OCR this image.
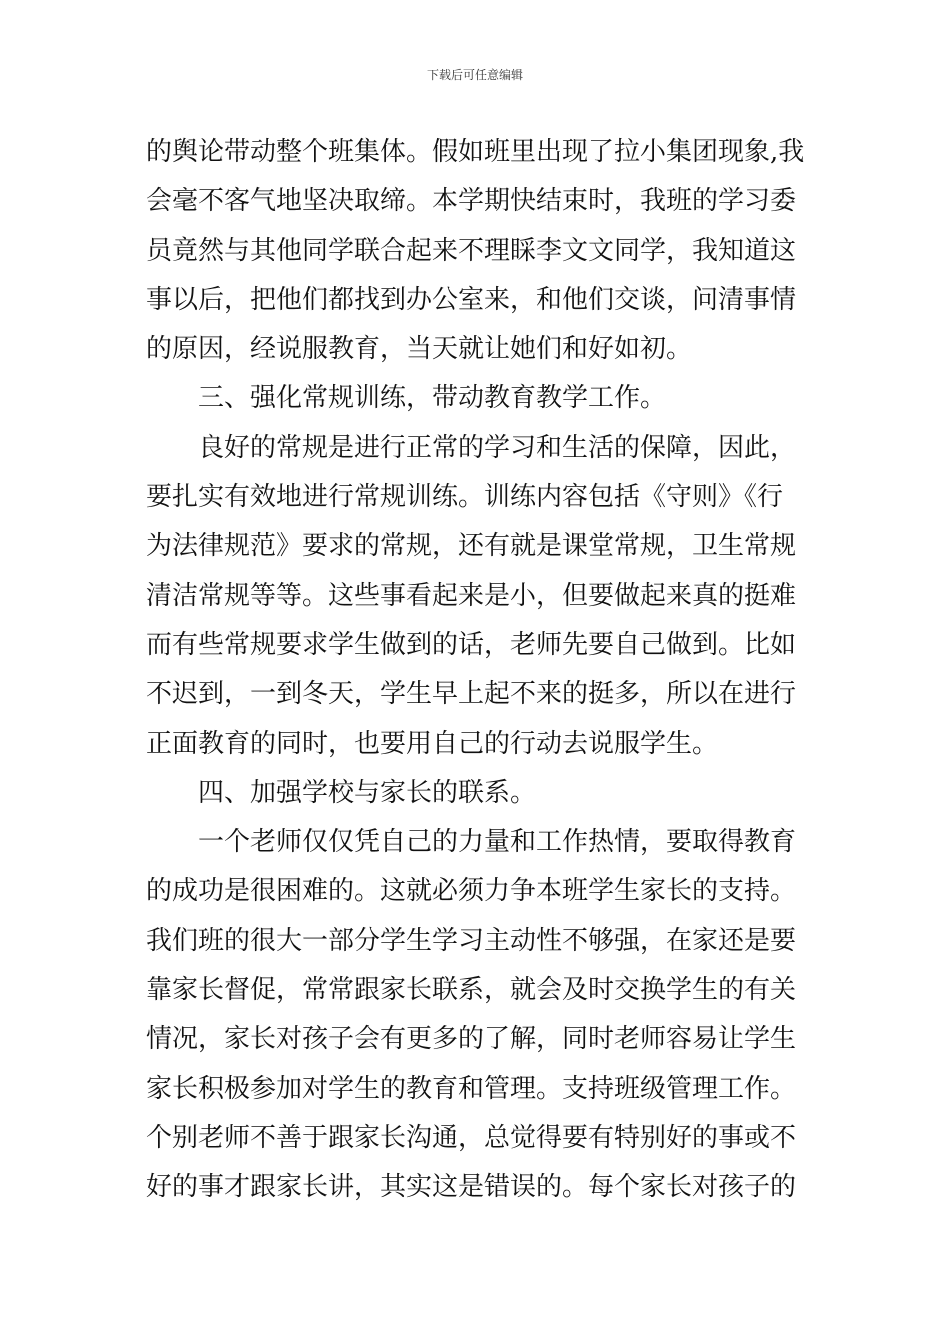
下载后可任意编辑
的舆论带动整个班集体。假如班里出现了拉小集团现象,我
会毫不客气地坚决取缔。本学期快结束时，我班的学习委
员竟然与其他同学联合起来不理睬李文文同学，我知道这
事以后，把他们都找到办公室来，和他们交谈，问清事情
的原因，经说服教育，当天就让她们和好如初。
三、强化常规训练，带动教育教学工作。
良好的常规是进行正常的学习和生活的保障，因此，
要扎实有效地进行常规训练。训练内容包括《守则》《行
为法律规范》要求的常规，还有就是课堂常规，卫生常规
清洁常规等等。这些事看起来是小，但要做起来真的挺难
而有些常规要求学生做到的话，老师先要自己做到。比如
不迟到，一到冬天，学生早上起不来的挺多，所以在进行
正面教育的同时，也要用自己的行动去说服学生。
四、加强学校与家长的联系。
一个老师仅仅凭自己的力量和工作热情，要取得教育
的成功是很困难的。这就必须力争本班学生家长的支持。
我们班的很大一部分学生学习主动性不够强，在家还是要
靠家长督促，常常跟家长联系，就会及时交换学生的有关
情况，家长对孩子会有更多的了解，同时老师容易让学生
家长积极参加对学生的教育和管理。支持班级管理工作。
个别老师不善于跟家长沟通，总觉得要有特别好的事或不
好的事才跟家长讲，其实这是错误的。每个家长对孩子的
